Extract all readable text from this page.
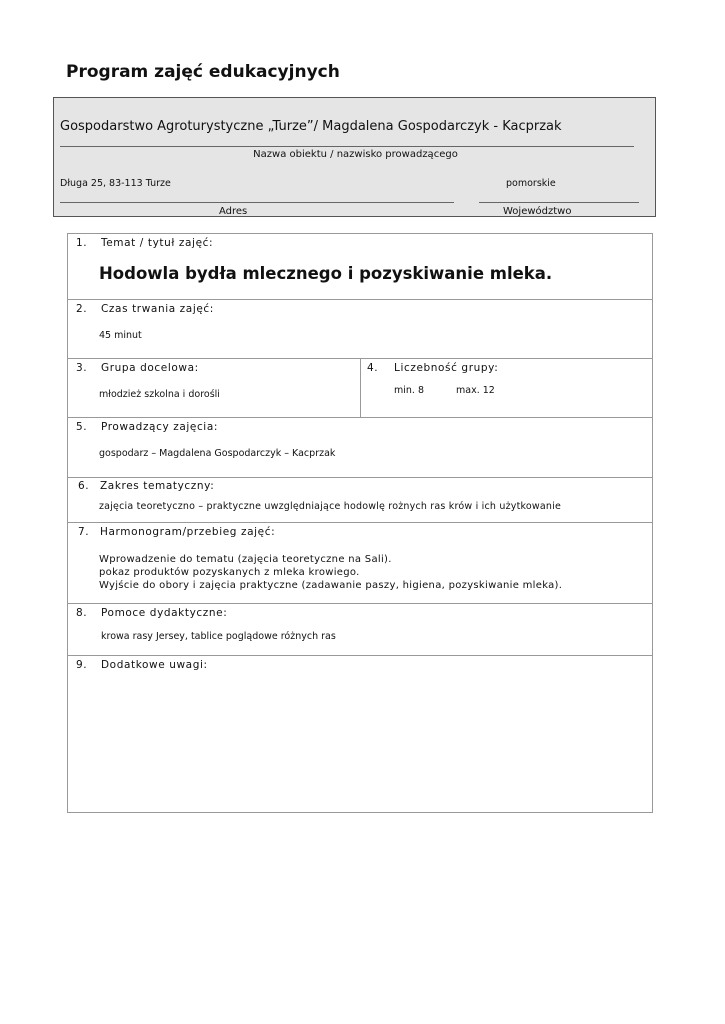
Program zajęć edukacyjnych
Gospodarstwo Agroturystyczne „Turze”/ Magdalena Gospodarczyk - Kacprzak
Nazwa obiektu / nazwisko prowadzącego
Długa 25, 83-113 Turze	pomorskie
Adres	Województwo
1. Temat / tytuł zajęć:
Hodowla bydła mlecznego i pozyskiwanie mleka.
2. Czas trwania zajęć:
45 minut
3. Grupa docelowa:
młodzież szkolna i dorośli
4. Liczebność grupy:
min. 8	max. 12
5. Prowadzący zajęcia:
gospodarz – Magdalena Gospodarczyk – Kacprzak
6. Zakres tematyczny:
zajęcia teoretyczno – praktyczne uwzględniające hodowlę rożnych ras krów i ich użytkowanie
7. Harmonogram/przebieg zajęć:
Wprowadzenie do tematu (zajęcia teoretyczne na Sali).
pokaz produktów pozyskanych z mleka krowiego.
Wyjście do obory i zajęcia praktyczne (zadawanie paszy, higiena, pozyskiwanie mleka).
8. Pomoce dydaktyczne:
krowa rasy Jersey, tablice poglądowe różnych ras
9. Dodatkowe uwagi:
